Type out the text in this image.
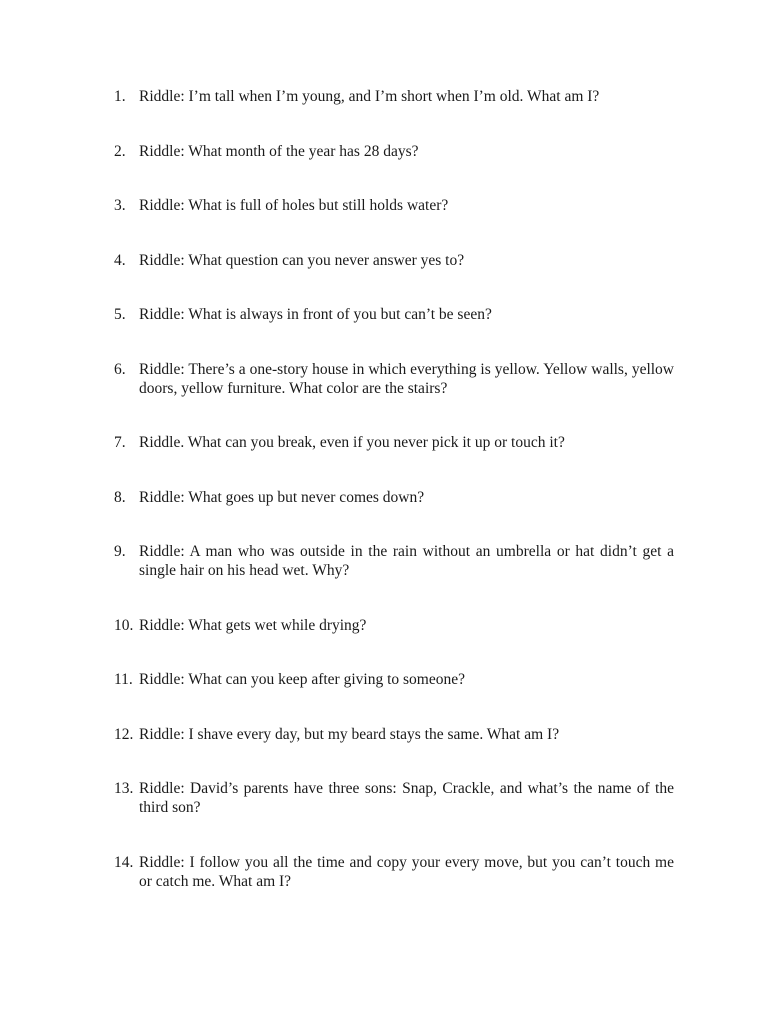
1. Riddle: I’m tall when I’m young, and I’m short when I’m old. What am I?
2. Riddle: What month of the year has 28 days?
3. Riddle: What is full of holes but still holds water?
4. Riddle: What question can you never answer yes to?
5. Riddle: What is always in front of you but can’t be seen?
6. Riddle: There’s a one-story house in which everything is yellow. Yellow walls, yellow doors, yellow furniture. What color are the stairs?
7. Riddle. What can you break, even if you never pick it up or touch it?
8. Riddle: What goes up but never comes down?
9. Riddle: A man who was outside in the rain without an umbrella or hat didn’t get a single hair on his head wet. Why?
10. Riddle: What gets wet while drying?
11. Riddle: What can you keep after giving to someone?
12. Riddle: I shave every day, but my beard stays the same. What am I?
13. Riddle: David’s parents have three sons: Snap, Crackle, and what’s the name of the third son?
14. Riddle: I follow you all the time and copy your every move, but you can’t touch me or catch me. What am I?
